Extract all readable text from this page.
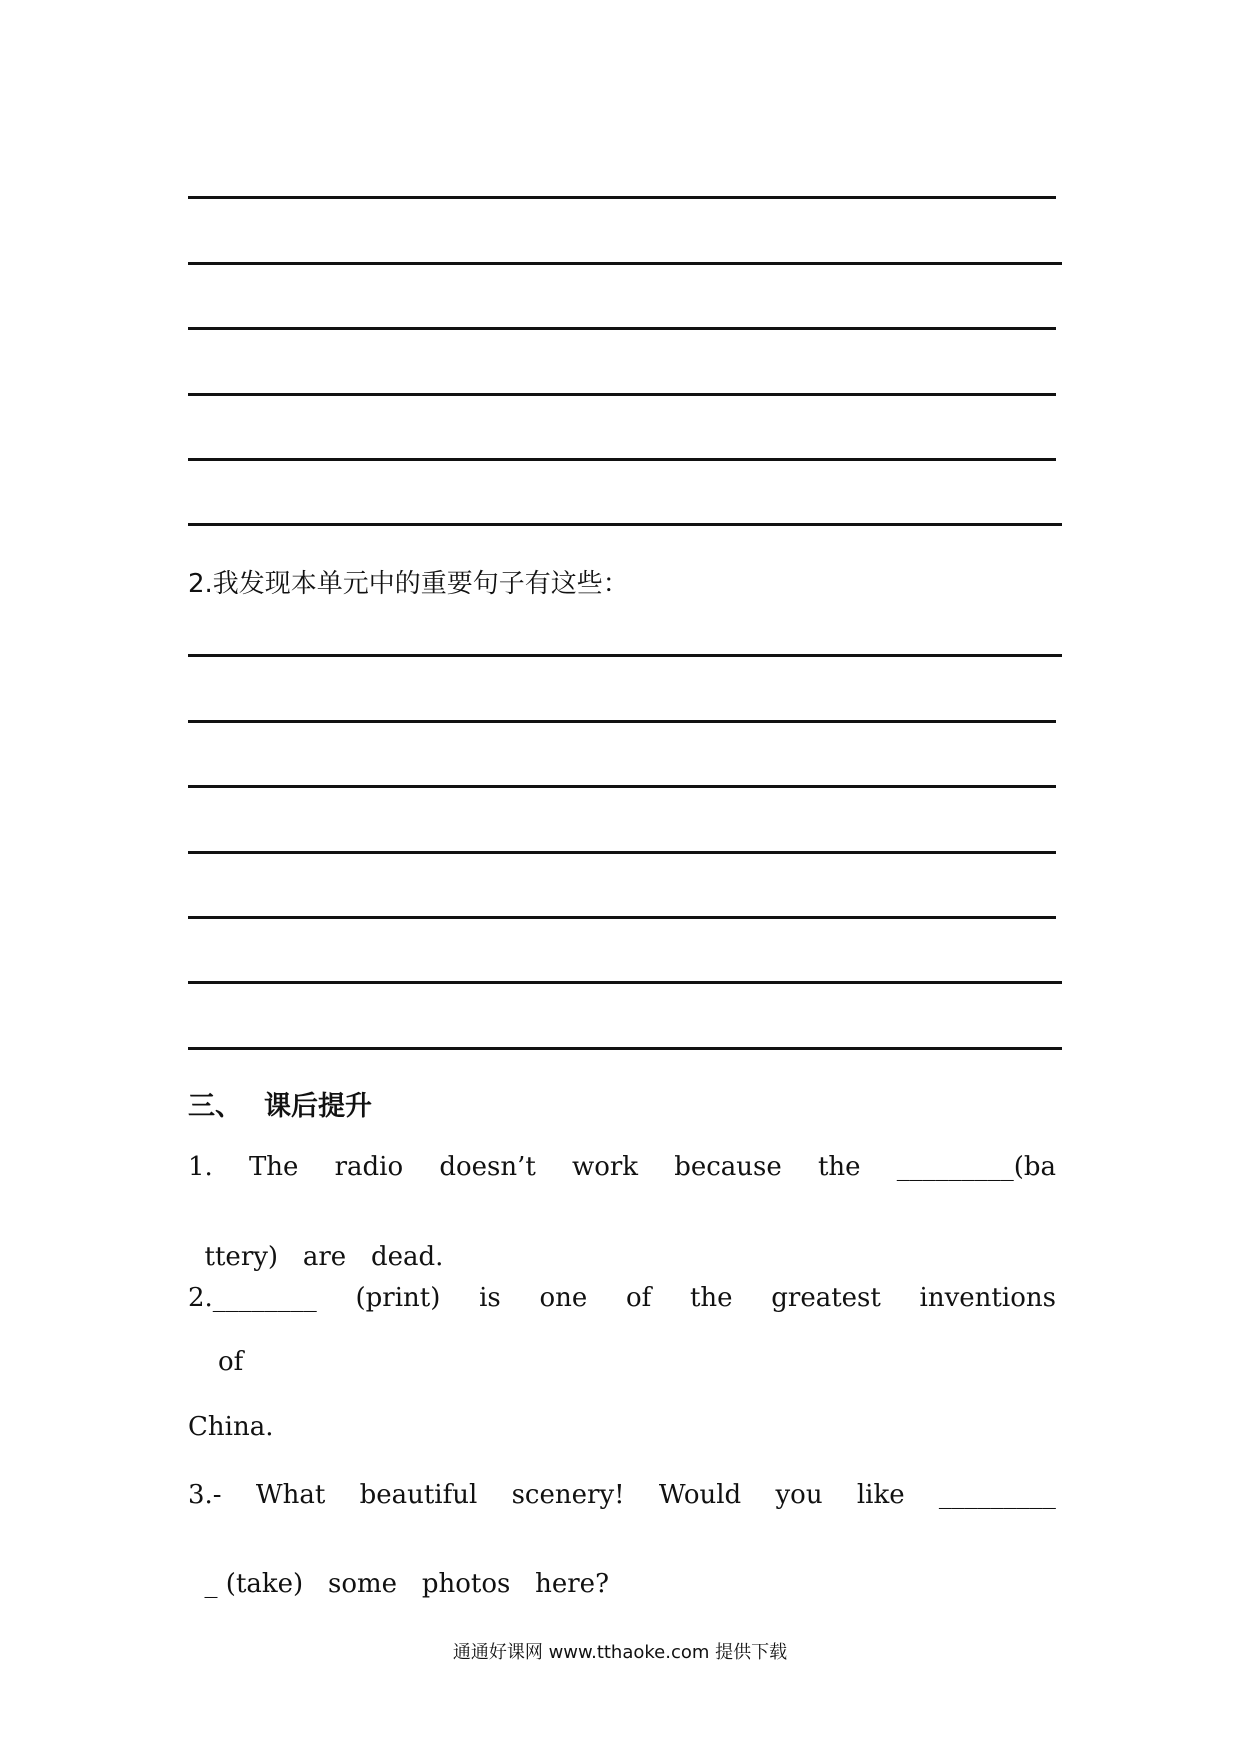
2.我发现本单元中的重要句子有这些：
三、 课后提升
1. The radio doesn’t work because the _________(ba

ttery) are dead.

2.________ (print) is one of the greatest inventions
of
China.
3.- What beautiful scenery! Would you like _________

_ (take) some photos here?

通通好课网 www.tthaoke.com 提供下载
